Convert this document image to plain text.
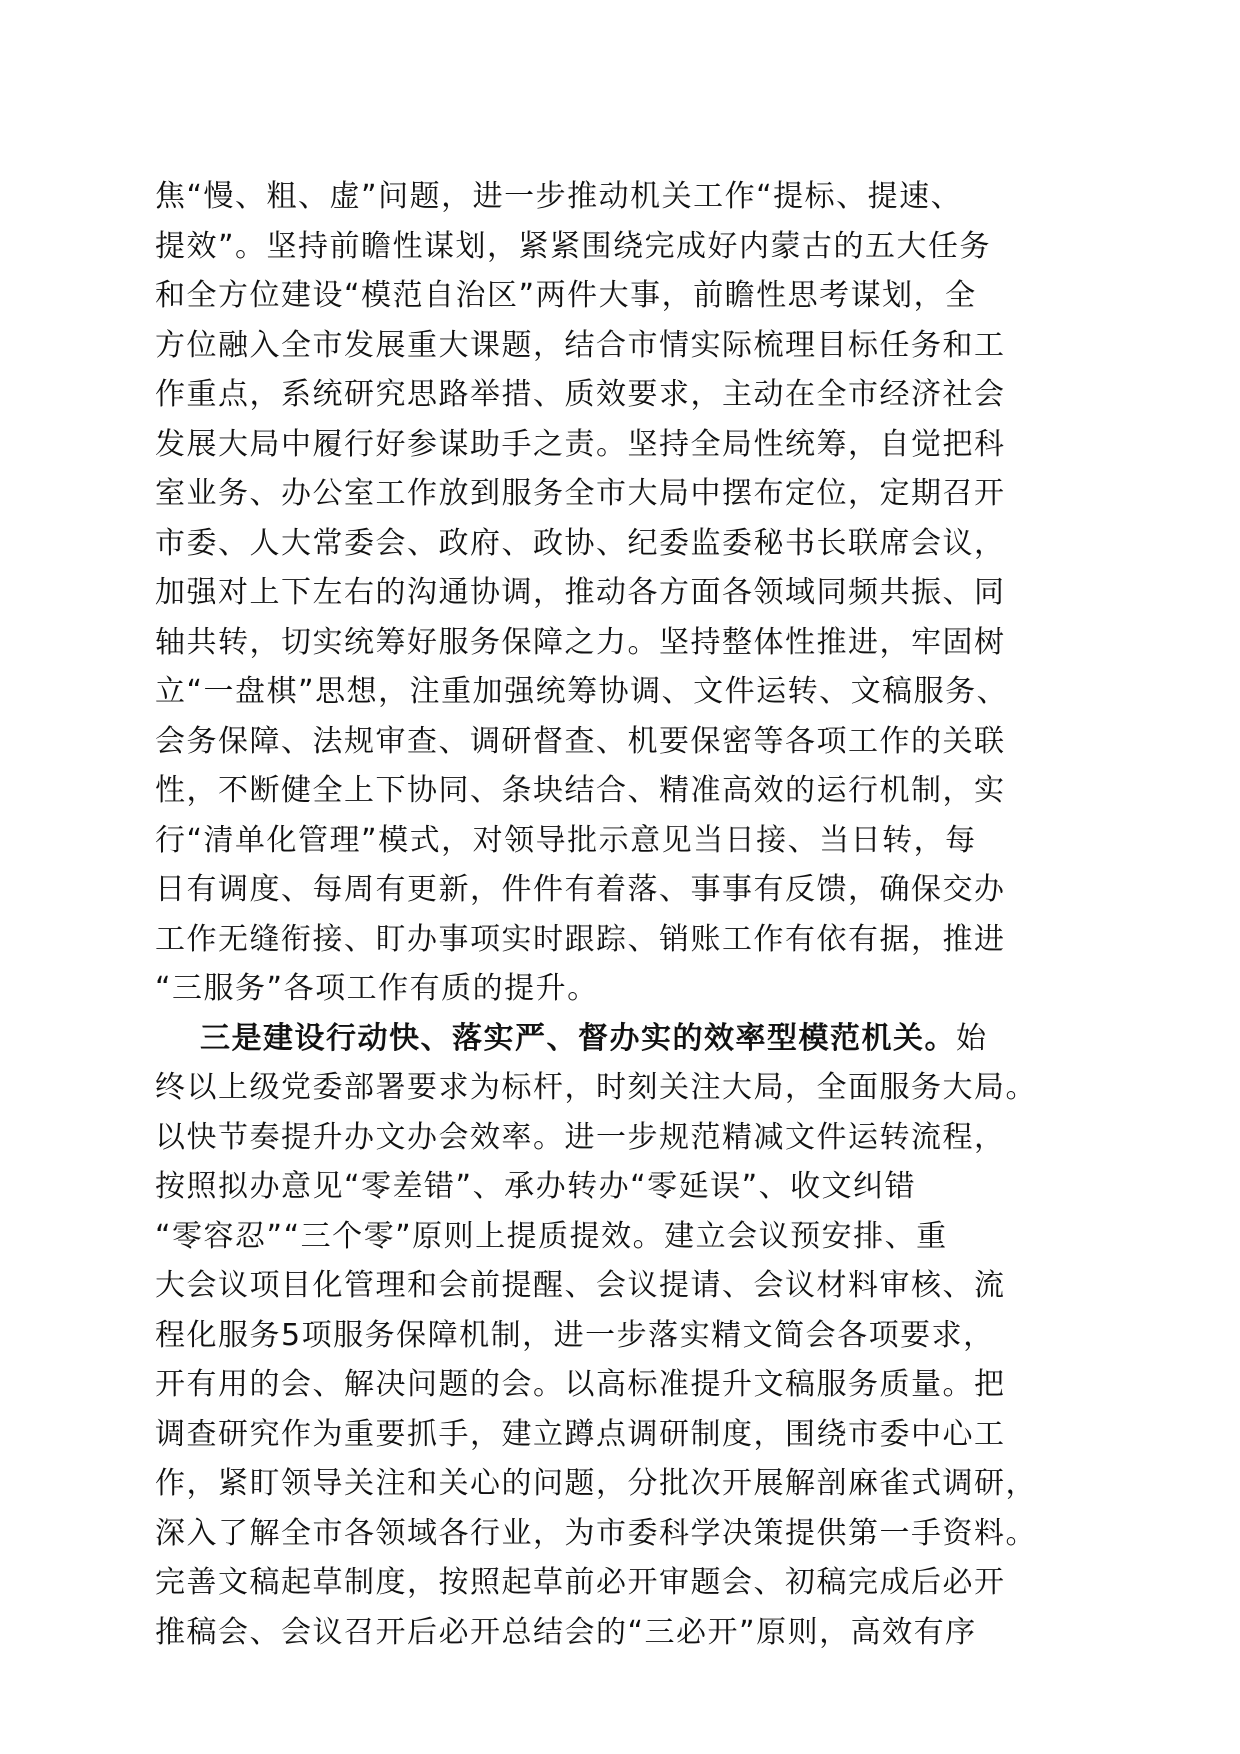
焦“慢、粗、虚”问题，进一步推动机关工作“提标、提速、
提效”。坚持前瞻性谋划，紧紧围绕完成好内蒙古的五大任务
和全方位建设“模范自治区”两件大事，前瞻性思考谋划，全
方位融入全市发展重大课题，结合市情实际梳理目标任务和工
作重点，系统研究思路举措、质效要求，主动在全市经济社会
发展大局中履行好参谋助手之责。坚持全局性统筹，自觉把科
室业务、办公室工作放到服务全市大局中摆布定位，定期召开
市委、人大常委会、政府、政协、纪委监委秘书长联席会议，
加强对上下左右的沟通协调，推动各方面各领域同频共振、同
轴共转，切实统筹好服务保障之力。坚持整体性推进，牢固树
立“一盘棋”思想，注重加强统筹协调、文件运转、文稿服务、
会务保障、法规审查、调研督查、机要保密等各项工作的关联
性，不断健全上下协同、条块结合、精准高效的运行机制，实
行“清单化管理”模式，对领导批示意见当日接、当日转，每
日有调度、每周有更新，件件有着落、事事有反馈，确保交办
工作无缝衔接、盯办事项实时跟踪、销账工作有依有据，推进
“三服务”各项工作有质的提升。
三是建设行动快、落实严、督办实的效率型模范机关。始
终以上级党委部署要求为标杆，时刻关注大局，全面服务大局。
以快节奏提升办文办会效率。进一步规范精减文件运转流程，
按照拟办意见“零差错”、承办转办“零延误”、收文纠错
“零容忍”“三个零”原则上提质提效。建立会议预安排、重
大会议项目化管理和会前提醒、会议提请、会议材料审核、流
程化服务5项服务保障机制，进一步落实精文简会各项要求，
开有用的会、解决问题的会。以高标准提升文稿服务质量。把
调查研究作为重要抓手，建立蹲点调研制度，围绕市委中心工
作，紧盯领导关注和关心的问题，分批次开展解剖麻雀式调研，
深入了解全市各领域各行业，为市委科学决策提供第一手资料。
完善文稿起草制度，按照起草前必开审题会、初稿完成后必开
推稿会、会议召开后必开总结会的“三必开”原则，高效有序
